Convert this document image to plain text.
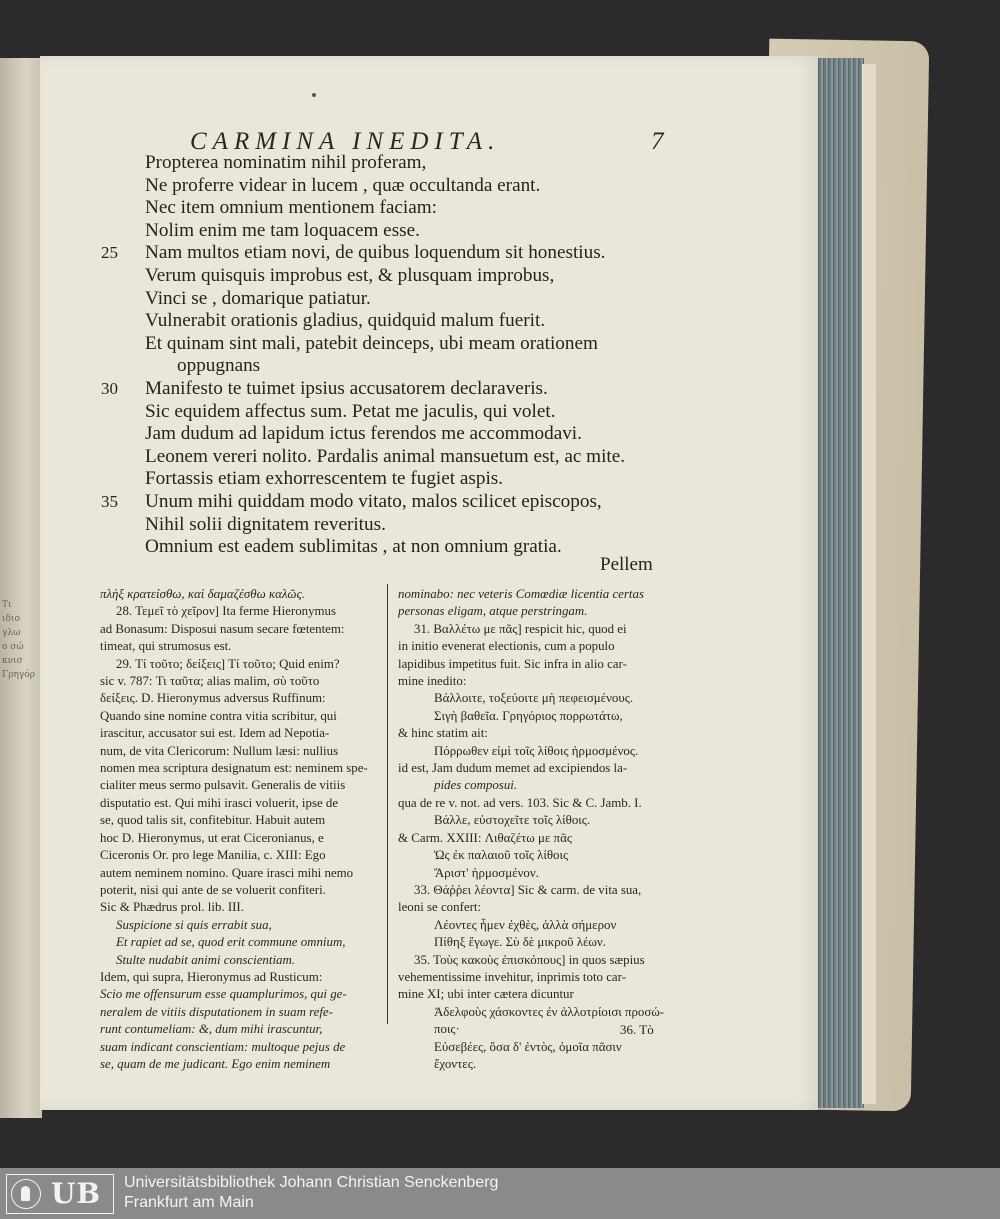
Τι
ιδιο
γλω
ο σώ
κνισ
Γρηγόρ
CARMINA INEDITA.	7
Propterea nominatim nihil proferam,
Ne proferre videar in lucem , quæ occultanda erant.
Nec item omnium mentionem faciam:
Nolim enim me tam loquacem esse.
25	Nam multos etiam novi, de quibus loquendum sit honestius.
Verum quisquis improbus est, & plusquam improbus,
Vinci se , domarique patiatur.
Vulnerabit orationis gladius, quidquid malum fuerit.
Et quinam sint mali, patebit deinceps, ubi meam orationem
oppugnans
30	Manifesto te tuimet ipsius accusatorem declaraveris.
Sic equidem affectus sum. Petat me jaculis, qui volet.
Jam dudum ad lapidum ictus ferendos me accommodavi.
Leonem vereri nolito. Pardalis animal mansuetum est, ac mite.
Fortassis etiam exhorrescentem te fugiet aspis.
35	Unum mihi quiddam modo vitato, malos scilicet episcopos,
Nihil solii dignitatem reveritus.
Omnium est eadem sublimitas , at non omnium gratia.
Pellem
πλὴξ κρατείσθω, καὶ δαμαζέσθω καλῶς.
28. Τεμεῖ τὸ χεῖρον] Ita ferme Hieronymus
ad Bonasum: Disposui nasum secare fœtentem:
timeat, qui strumosus est.
29. Τί τοῦτο; δείξεις] Τί τοῦτο; Quid enim?
sic v. 787: Τι ταῦτα; alias malim, σὺ τοῦτο
δείξεις. D. Hieronymus adversus Ruffinum:
Quando sine nomine contra vitia scribitur, qui
irascitur, accusator sui est. Idem ad Nepotia-
num, de vita Clericorum: Nullum læsi: nullius
nomen mea scriptura designatum est: neminem spe-
cialiter meus sermo pulsavit. Generalis de vitiis
disputatio est. Qui mihi irasci voluerit, ipse de
se, quod talis sit, confitebitur. Habuit autem
hoc D. Hieronymus, ut erat Ciceronianus, e
Ciceronis Or. pro lege Manilia, c. XIII: Ego
autem neminem nomino. Quare irasci mihi nemo
poterit, nisi qui ante de se voluerit confiteri.
Sic & Phædrus prol. lib. III.
Suspicione si quis errabit sua,
Et rapiet ad se, quod erit commune omnium,
Stulte nudabit animi conscientiam.
Idem, qui supra, Hieronymus ad Rusticum:
Scio me offensurum esse quamplurimos, qui ge-
neralem de vitiis disputationem in suam refe-
runt contumeliam: &, dum mihi irascuntur,
suam indicant conscientiam: multoque pejus de
se, quam de me judicant. Ego enim neminem
nominabo: nec veteris Comœdiæ licentia certas
personas eligam, atque perstringam.
31. Βαλλέτω με πᾶς] respicit hic, quod ei
in initio evenerat electionis, cum a populo
lapidibus impetitus fuit. Sic infra in alio car-
mine inedito:
Βάλλοιτε, τοξεύοιτε μὴ πεφεισμένους.
Σιγὴ βαθεῖα. Γρηγόριος πορρωτάτω,
& hinc statim ait:
Πόρρωθεν εἰμὶ τοῖς λίθοις ἡρμοσμένος.
id est, Jam dudum memet ad excipiendos la-
pides composui.
qua de re v. not. ad vers. 103. Sic & C. Jamb. I.
Βάλλε, εὐστοχεῖτε τοῖς λίθοις.
& Carm. XXIII: Λιθαζέτω με πᾶς
Ὡς ἐκ παλαιοῦ τοῖς λίθοις
Ἄριστ' ἡρμοσμένον.
33. Θάῤῥει λέοντα] Sic & carm. de vita sua,
leoni se confert:
Λέοντες ἦμεν ἐχθὲς, ἀλλὰ σήμερον
Πίθηξ ἔγωγε. Σὺ δὲ μικροῦ λέων.
35. Τοὺς κακοὺς ἐπισκόπους] in quos sæpius
vehementissime invehitur, inprimis toto car-
mine XI; ubi inter cætera dicuntur
Ἀδελφοὺς χάσκοντες ἐν ἀλλοτρίοισι προσώ-
ποις·
Εὐσεβέες, ὅσα δ' ἐντὸς, ὁμοῖα πᾶσιν
ἔχοντες.
36. Τὸ
UB Universitätsbibliothek Johann Christian Senckenberg
Frankfurt am Main
